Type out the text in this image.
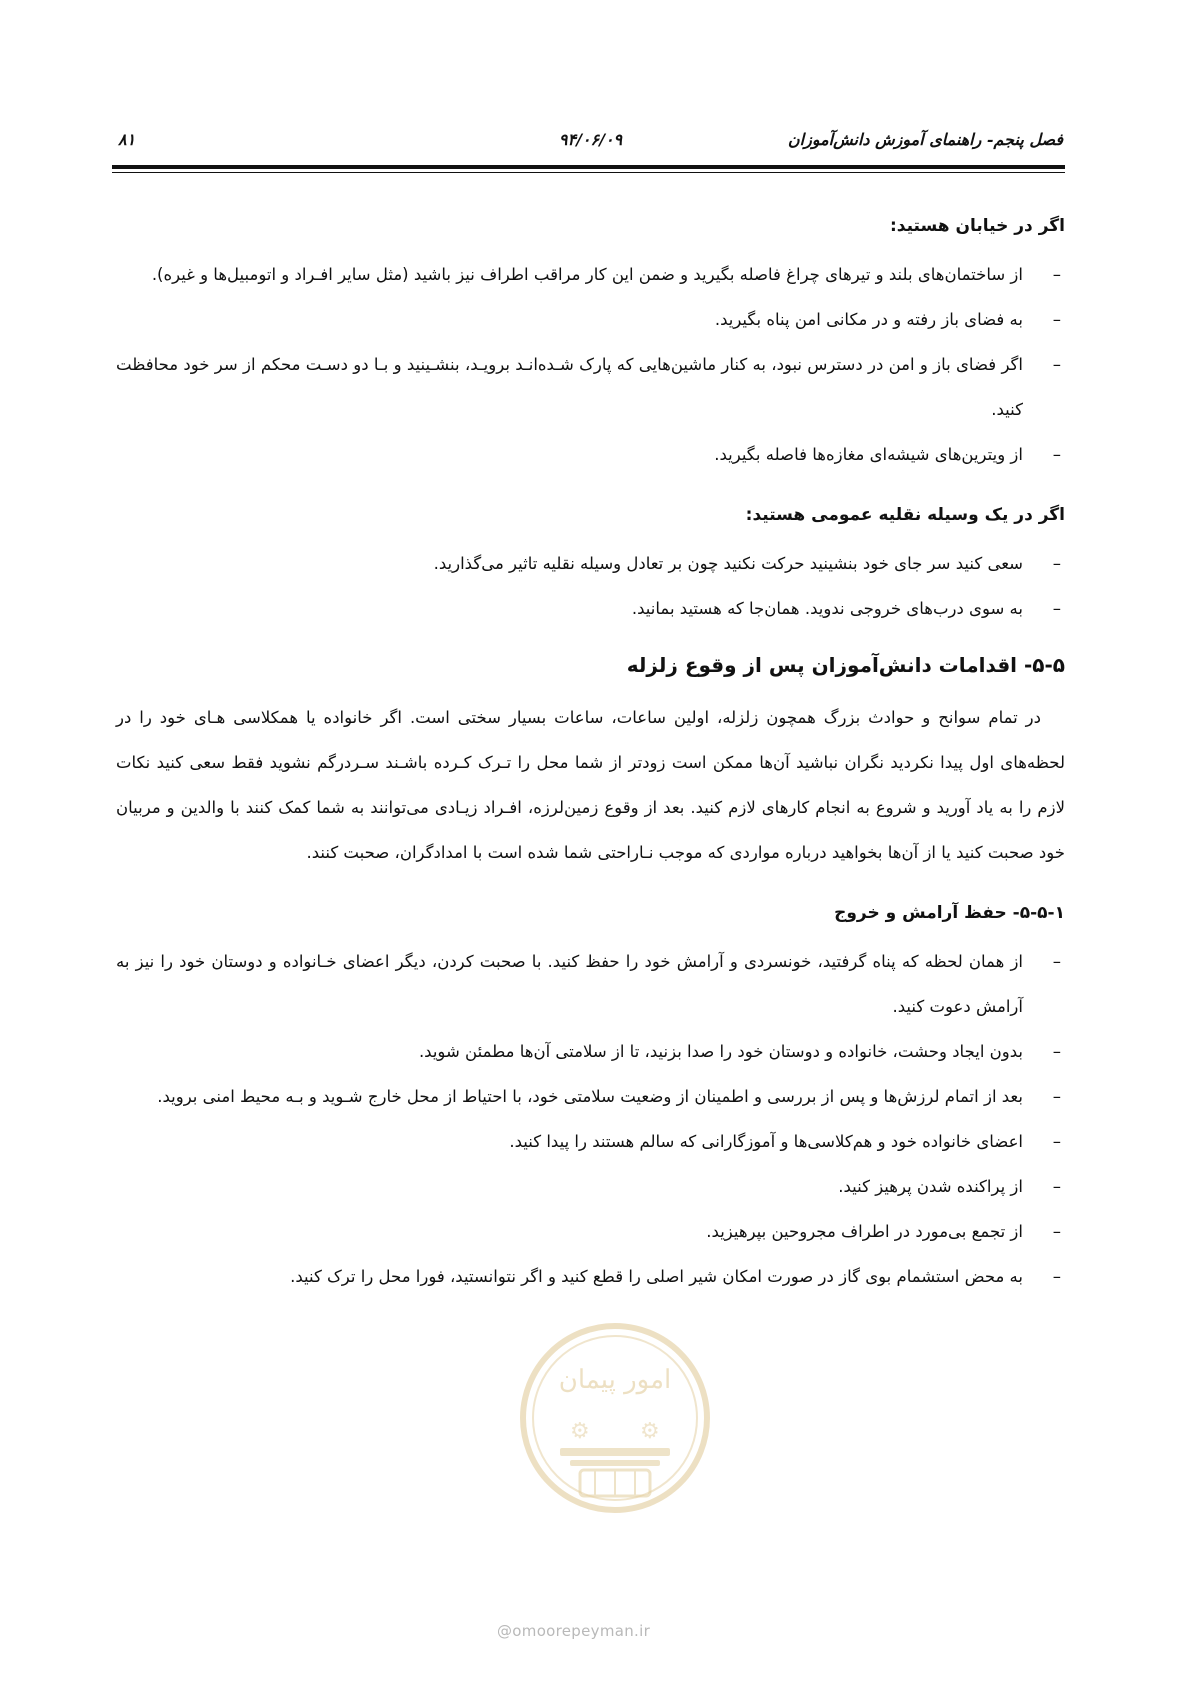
فصل پنجم- راهنمای آموزش دانش‌آموزان
۹۴/۰۶/۰۹
۸۱
اگر در خیابان هستید:
–
از ساختمان‌های بلند و تیرهای چراغ فاصله بگیرید و ضمن این کار مراقب اطراف نیز باشید (مثل سایر افـراد و اتومبیل‌ها و غیره).
–
به فضای باز رفته و در مکانی امن پناه بگیرید.
–
اگر فضای باز و امن در دسترس نبود، به کنار ماشین‌هایی که پارک شـده‌انـد برویـد، بنشـینید و بـا دو دسـت محکم از سر خود محافظت کنید.
–
از ویترین‌های شیشه‌ای مغازه‌ها فاصله بگیرید.
اگر در یک وسیله نقلیه عمومی هستید:
–
سعی کنید سر جای خود بنشینید حرکت نکنید چون بر تعادل وسیله نقلیه تاثیر می‌گذارید.
–
به سوی درب‌های خروجی ندوید. همان‌جا که هستید بمانید.
۵-۵- اقدامات دانش‌آموزان پس از وقوع زلزله

در تمام سوانح و حوادث بزرگ همچون زلزله، اولین ساعات، ساعات بسیار سختی است. اگر خانواده یا همکلاسی هـای خود را در لحظه‌های اول پیدا نکردید نگران نباشید آن‌ها ممکن است زودتر از شما محل را تـرک کـرده باشـند سـردرگم نشوید فقط سعی کنید نکات لازم را به یاد آورید و شروع به انجام کارهای لازم کنید. بعد از وقوع زمین‌لرزه، افـراد زیـادی می‌توانند به شما کمک کنند با والدین و مربیان خود صحبت کنید یا از آن‌ها بخواهید درباره مواردی که موجب نـاراحتی شما شده است با امدادگران، صحبت کنند.

۵-۵-۱- حفظ آرامش و خروج
–
از همان لحظه که پناه گرفتید، خونسردی و آرامش خود را حفظ کنید. با صحبت کردن، دیگر اعضای خـانواده و دوستان خود را نیز به آرامش دعوت کنید.
–
بدون ایجاد وحشت، خانواده و دوستان خود را صدا بزنید، تا از سلامتی آن‌ها مطمئن شوید.
–
بعد از اتمام لرزش‌ها و پس از بررسی و اطمینان از وضعیت سلامتی خود، با احتیاط از محل خارج شـوید و بـه محیط امنی بروید.
–
اعضای خانواده خود و هم‌کلاسی‌ها و آموزگارانی که سالم هستند را پیدا کنید.
–
از پراکنده شدن پرهیز کنید.
–
از تجمع بی‌مورد در اطراف مجروحین بپرهیزید.
–
به محض استشمام بوی گاز در صورت امکان شیر اصلی را قطع کنید و اگر نتوانستید، فورا محل را ترک کنید.
امور پیمان
⚙ ⚙
@omoorepeyman.ir
